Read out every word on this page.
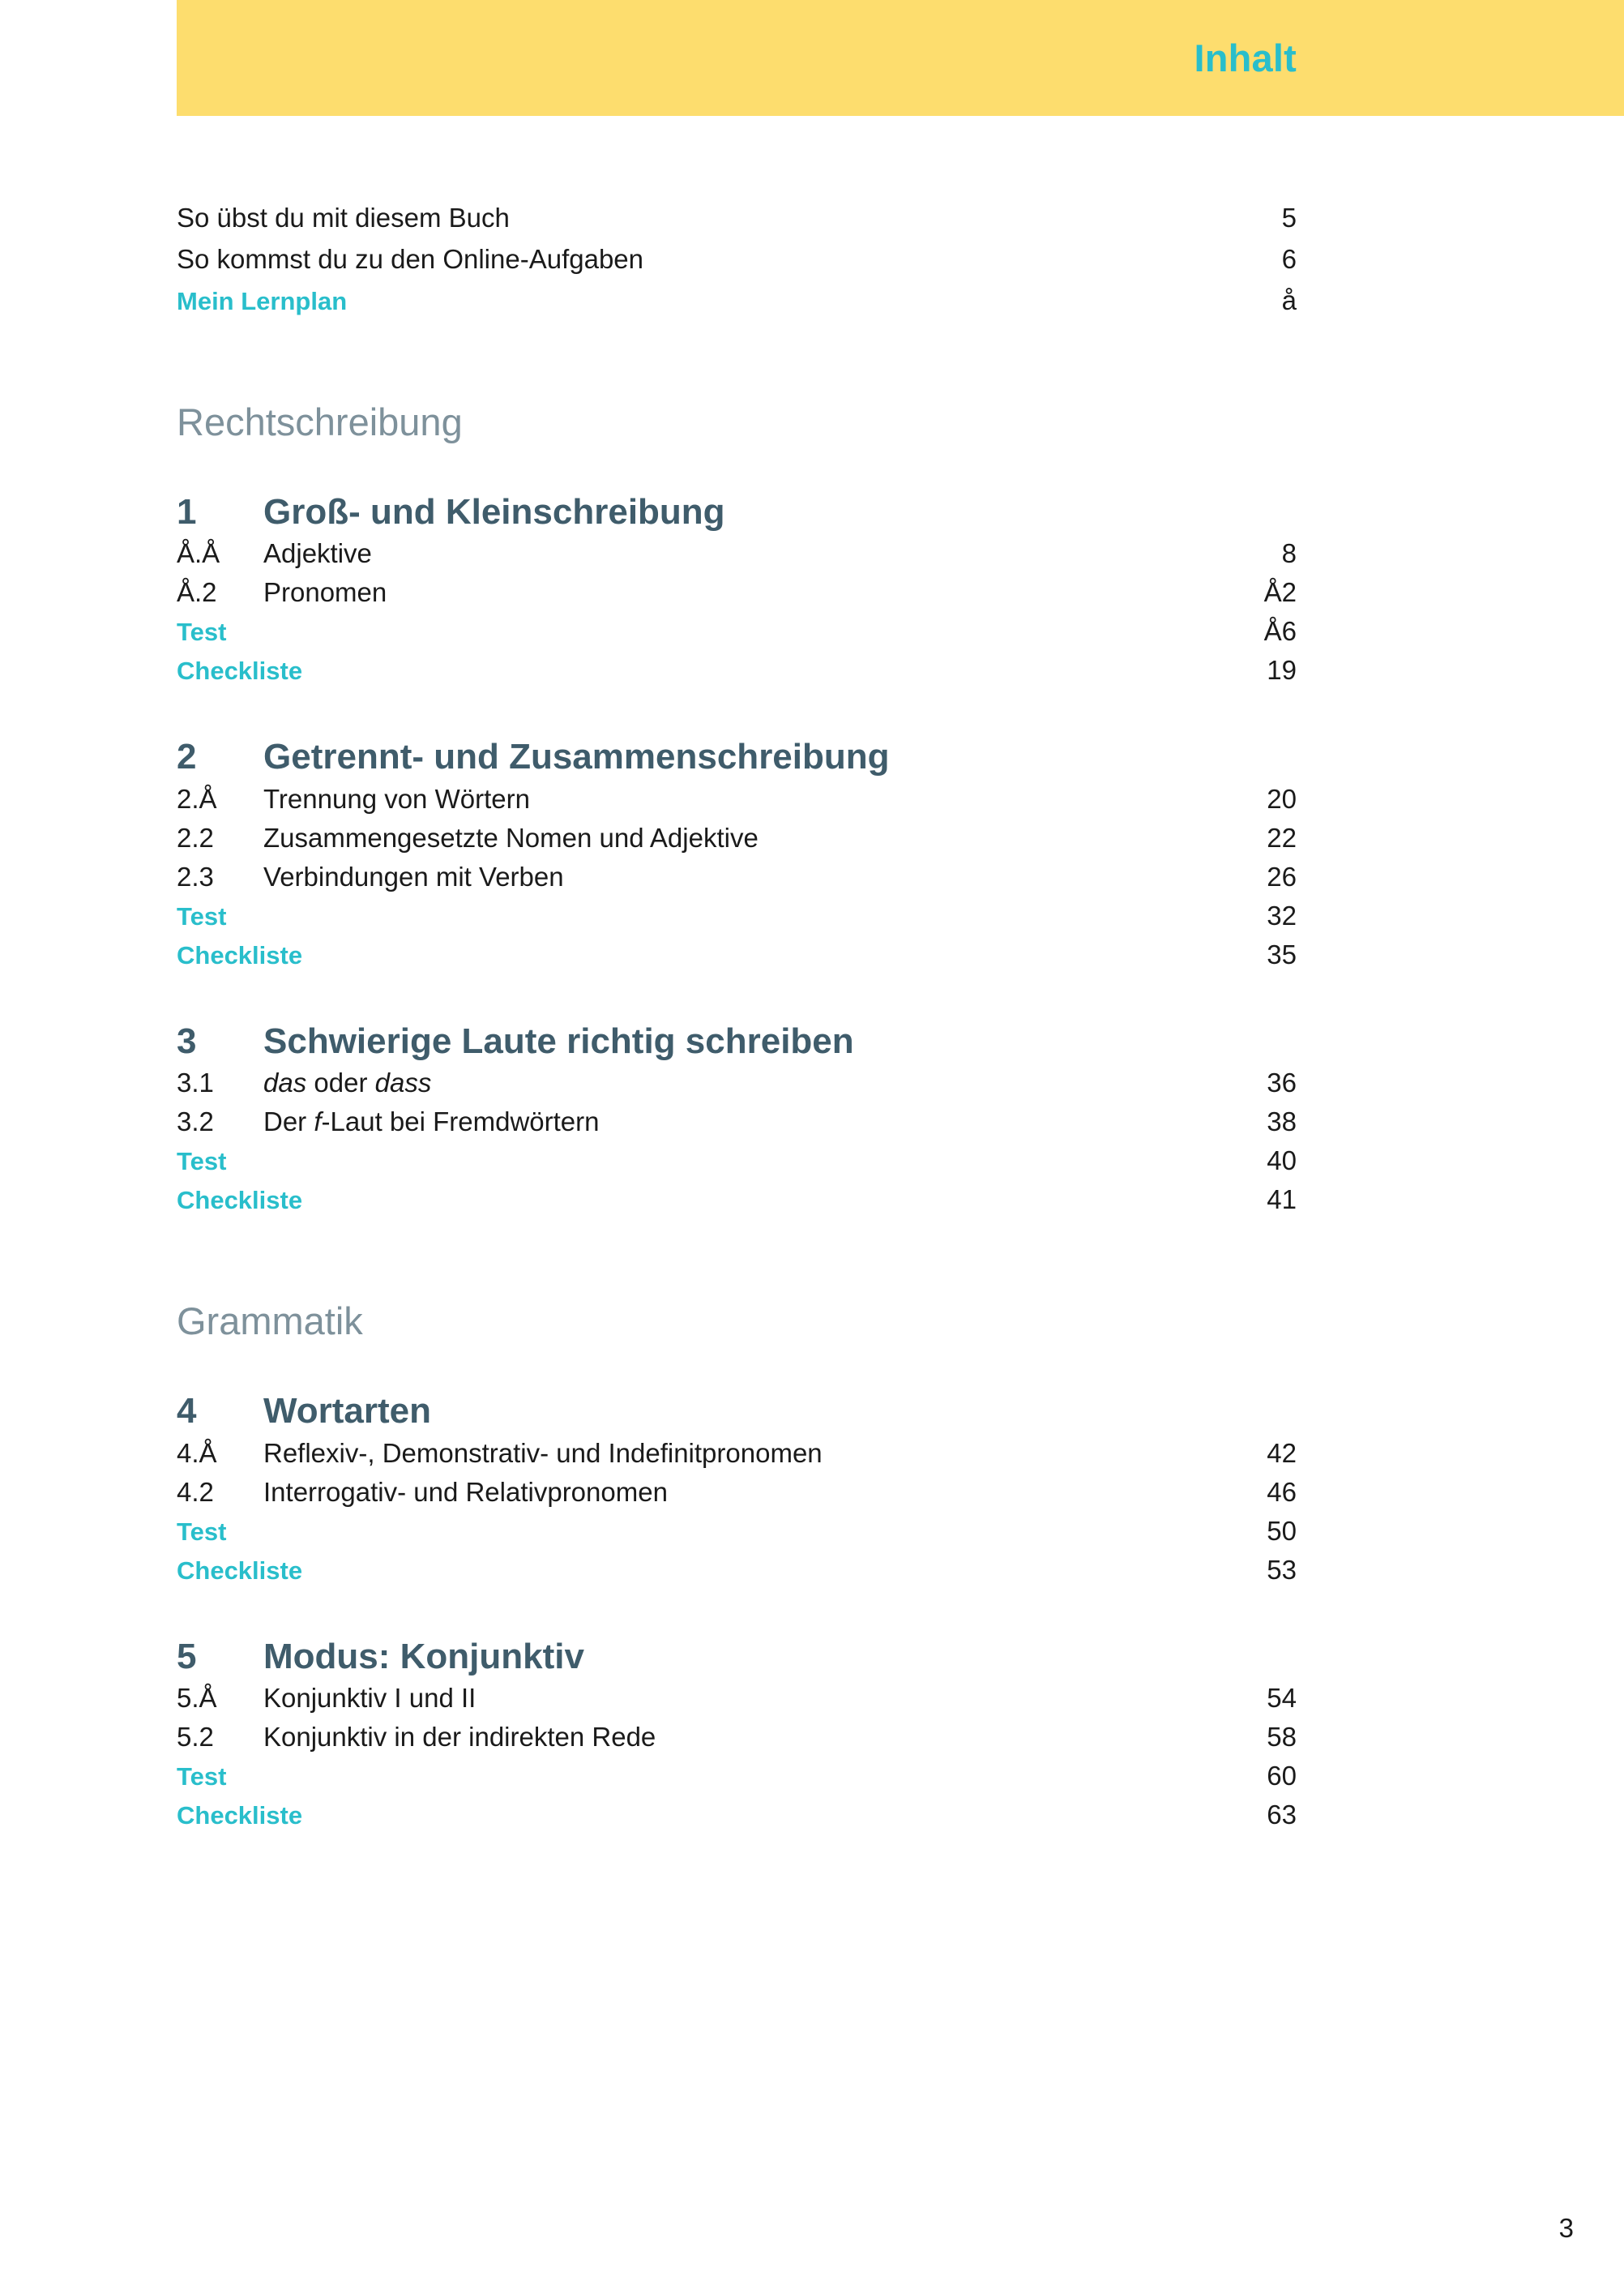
Inhalt
So übst du mit diesem Buch	5
So kommst du zu den Online-Aufgaben	6
Mein Lernplan	å
Rechtschreibung
1	Groß- und Kleinschreibung
Å.Å	Adjektive	8
Å.2	Pronomen	Å2
Test	Å6
Checkliste	19
2	Getrennt- und Zusammenschreibung
2.Å	Trennung von Wörtern	20
2.2	Zusammengesetzte Nomen und Adjektive	22
2.3	Verbindungen mit Verben	26
Test	32
Checkliste	35
3	Schwierige Laute richtig schreiben
3.1	das oder dass	36
3.2	Der f-Laut bei Fremdwörtern	38
Test	40
Checkliste	41
Grammatik
4	Wortarten
4.Å	Reflexiv-, Demonstrativ- und Indefinitpronomen	42
4.2	Interrogativ- und Relativpronomen	46
Test	50
Checkliste	53
5	Modus: Konjunktiv
5.Å	Konjunktiv I und II	54
5.2	Konjunktiv in der indirekten Rede	58
Test	60
Checkliste	63
3
